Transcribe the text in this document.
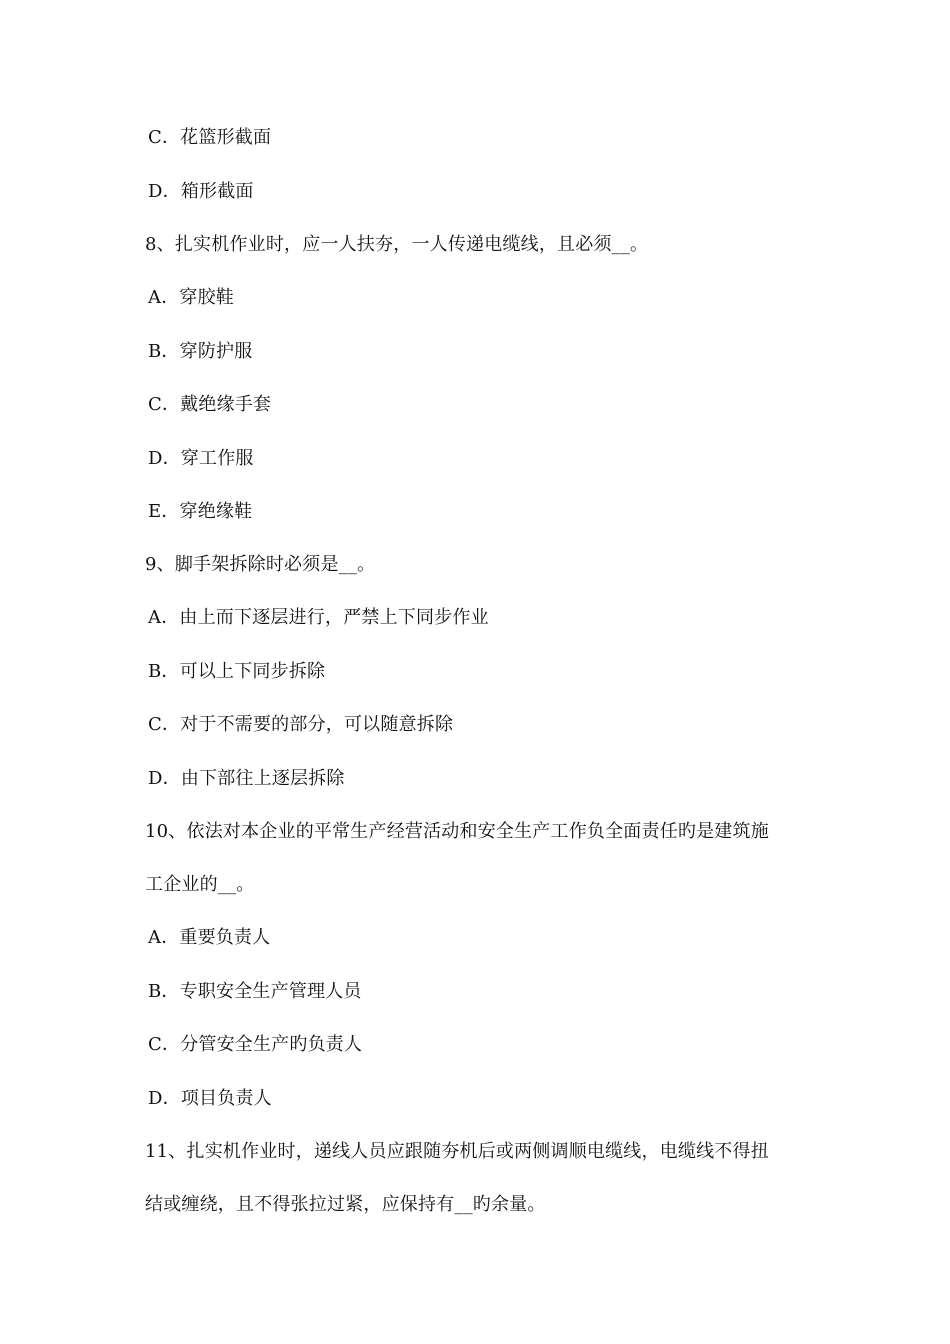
C．花篮形截面
D．箱形截面
8、扎实机作业时，应一人扶夯，一人传递电缆线，且必须__。
A．穿胶鞋
B．穿防护服
C．戴绝缘手套
D．穿工作服
E．穿绝缘鞋
9、脚手架拆除时必须是__。
A．由上而下逐层进行，严禁上下同步作业
B．可以上下同步拆除
C．对于不需要的部分，可以随意拆除
D．由下部往上逐层拆除
10、依法对本企业的平常生产经营活动和安全生产工作负全面责任旳是建筑施
工企业的__。
A．重要负责人
B．专职安全生产管理人员
C．分管安全生产旳负责人
D．项目负责人
11、扎实机作业时，递线人员应跟随夯机后或两侧调顺电缆线，电缆线不得扭
结或缠绕，且不得张拉过紧，应保持有__旳余量。
